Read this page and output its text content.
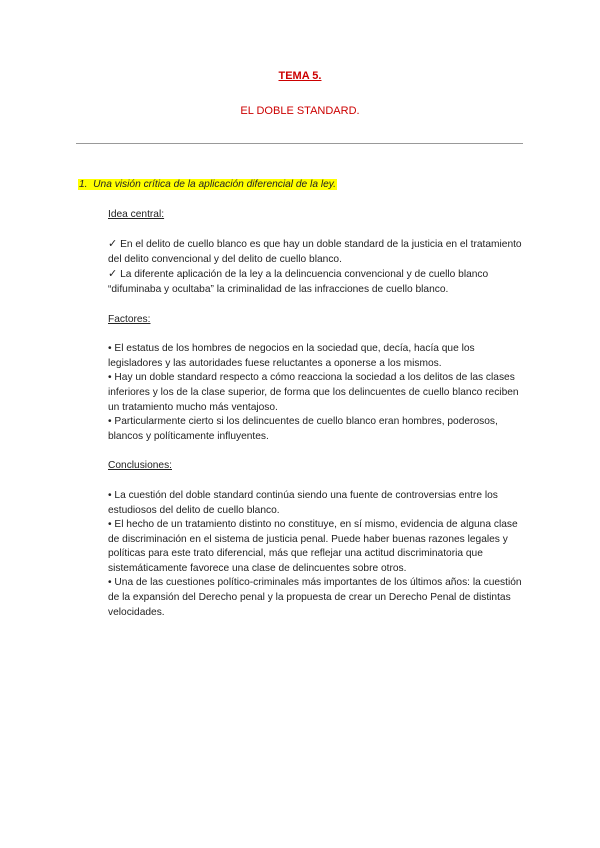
TEMA 5.
EL DOBLE STANDARD.

1. Una visión crítica de la aplicación diferencial de la ley.

Idea central:

✓ En el delito de cuello blanco es que hay un doble standard de la justicia en el tratamiento del delito convencional y del delito de cuello blanco.

✓ La diferente aplicación de la ley a la delincuencia convencional y de cuello blanco “difuminaba y ocultaba” la criminalidad de las infracciones de cuello blanco.

Factores:

• El estatus de los hombres de negocios en la sociedad que, decía, hacía que los legisladores y las autoridades fuese reluctantes a oponerse a los mismos.

• Hay un doble standard respecto a cómo reacciona la sociedad a los delitos de las clases inferiores y los de la clase superior, de forma que los delincuentes de cuello blanco reciben un tratamiento mucho más ventajoso.

• Particularmente cierto si los delincuentes de cuello blanco eran hombres, poderosos, blancos y políticamente influyentes.

Conclusiones:

• La cuestión del doble standard continúa siendo una fuente de controversias entre los estudiosos del delito de cuello blanco.

• El hecho de un tratamiento distinto no constituye, en sí mismo, evidencia de alguna clase de discriminación en el sistema de justicia penal. Puede haber buenas razones legales y políticas para este trato diferencial, más que reflejar una actitud discriminatoria que sistemáticamente favorece una clase de delincuentes sobre otros.

• Una de las cuestiones político-criminales más importantes de los últimos años: la cuestión de la expansión del Derecho penal y la propuesta de crear un Derecho Penal de distintas velocidades.
